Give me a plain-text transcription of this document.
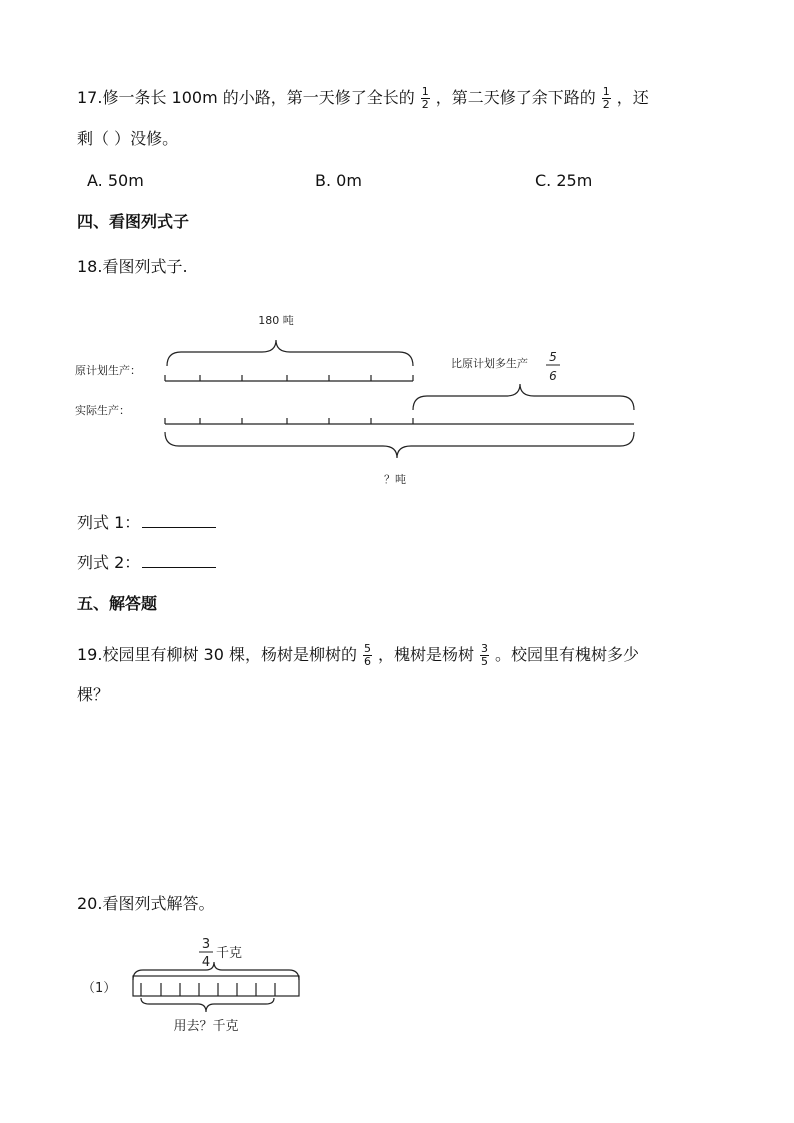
17.修一条长 100m 的小路，第一天修了全长的 $\frac{1}{2}$ ，第二天修了余下路的 $\frac{1}{2}$ ，还
剩（ ）没修。
A. 50m	B. 0m	C. 25m
四、看图列式子
18.看图列式子.
180 吨
原计划生产：
比原计划多生产 5
6
实际生产：
？吨
列式 1：
列式 2：
五、解答题
19.校园里有柳树 30 棵，杨树是柳树的 $\frac{5}{6}$ ，槐树是杨树 $\frac{3}{5}$ 。校园里有槐树多少
棵？
20.看图列式解答。
3
4
千克
（1）
用去？千克
